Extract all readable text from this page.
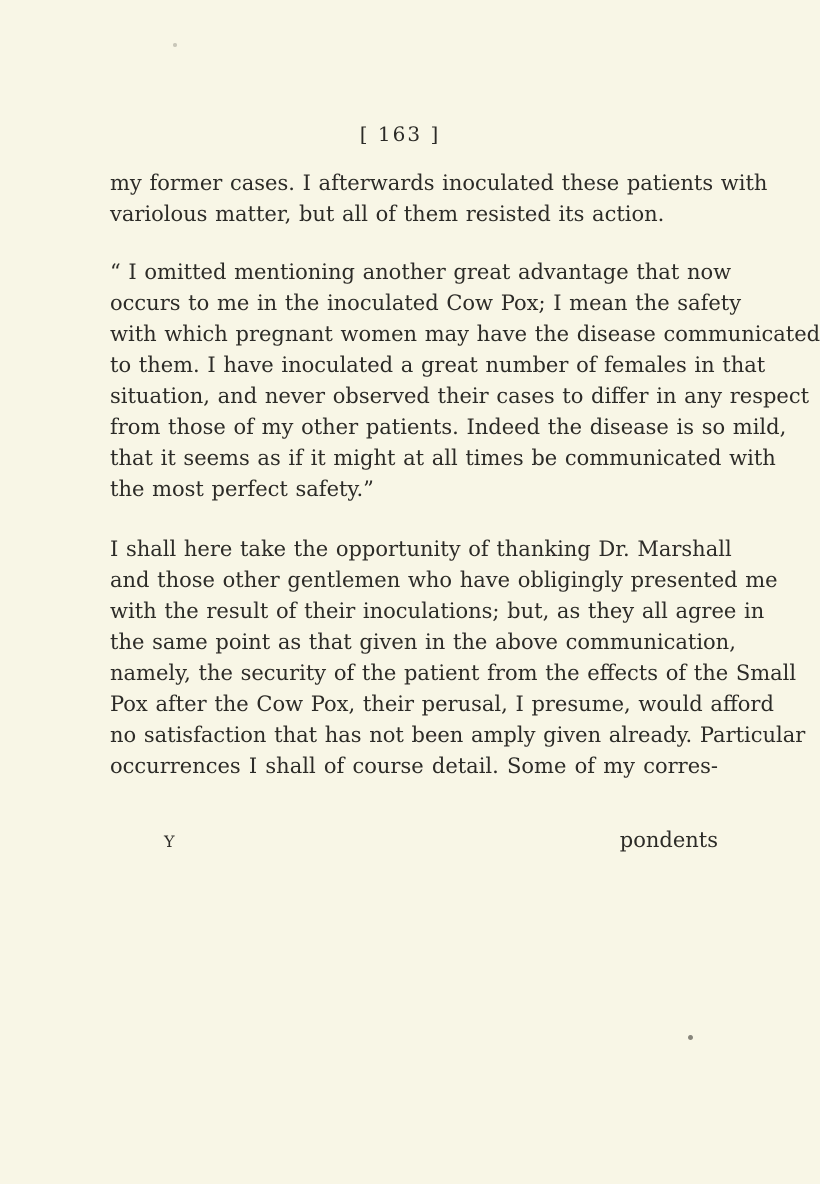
[ 163 ]
my former cases. I afterwards inoculated these patients with
variolous matter, but all of them resisted its action.
“ I omitted mentioning another great advantage that now
occurs to me in the inoculated Cow Pox; I mean the safety
with which pregnant women may have the disease communicated
to them. I have inoculated a great number of females in that
situation, and never observed their cases to differ in any respect
from those of my other patients. Indeed the disease is so mild,
that it seems as if it might at all times be communicated with
the most perfect safety.”
I shall here take the opportunity of thanking Dr. Marshall
and those other gentlemen who have obligingly presented me
with the result of their inoculations; but, as they all agree in
the same point as that given in the above communication,
namely, the security of the patient from the effects of the Small
Pox after the Cow Pox, their perusal, I presume, would afford
no satisfaction that has not been amply given already. Particular
occurrences I shall of course detail. Some of my corres-
Y	pondents
